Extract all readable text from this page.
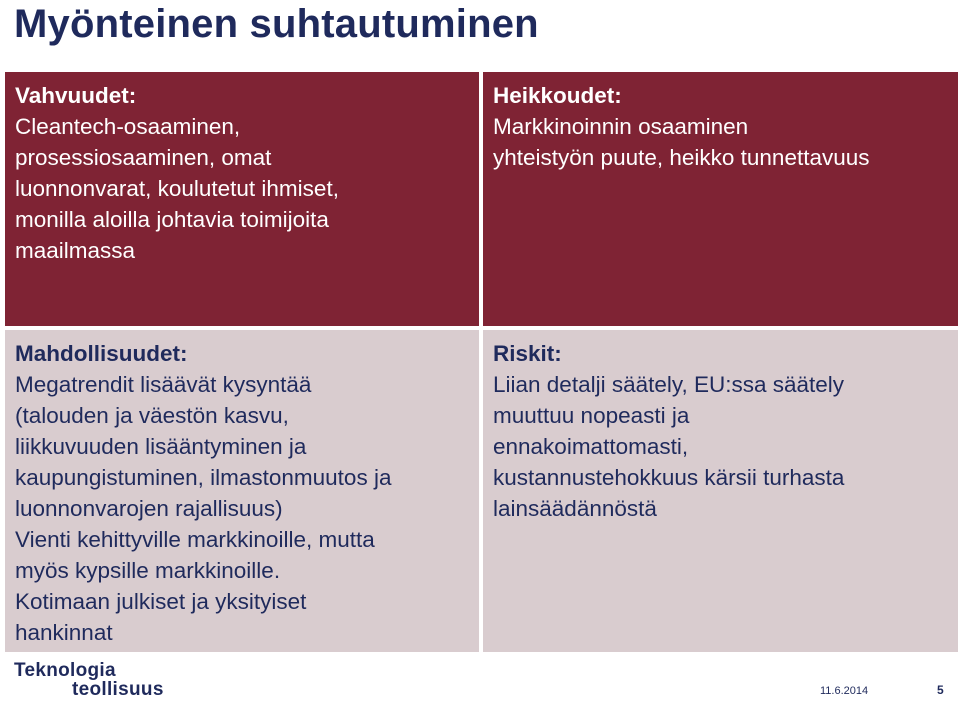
Myönteinen suhtautuminen
Vahvuudet:
Cleantech-osaaminen,
prosessiosaaminen, omat
luonnonvarat, koulutetut ihmiset,
monilla aloilla johtavia toimijoita
maailmassa
Heikkoudet:
Markkinoinnin osaaminen
yhteistyön puute, heikko tunnettavuus
Mahdollisuudet:
Megatrendit lisäävät kysyntää
(talouden ja väestön kasvu,
liikkuvuuden lisääntyminen ja
kaupungistuminen, ilmastonmuutos ja
luonnonvarojen rajallisuus)
Vienti kehittyville markkinoille, mutta
myös kypsille markkinoille.
Kotimaan julkiset ja yksityiset
hankinnat
Riskit:
Liian detalji säätely, EU:ssa säätely
muuttuu nopeasti ja
ennakoimattomasti,
kustannustehokkuus kärsii turhasta
lainsäädännöstä
Teknologia
teollisuus	11.6.2014	5
